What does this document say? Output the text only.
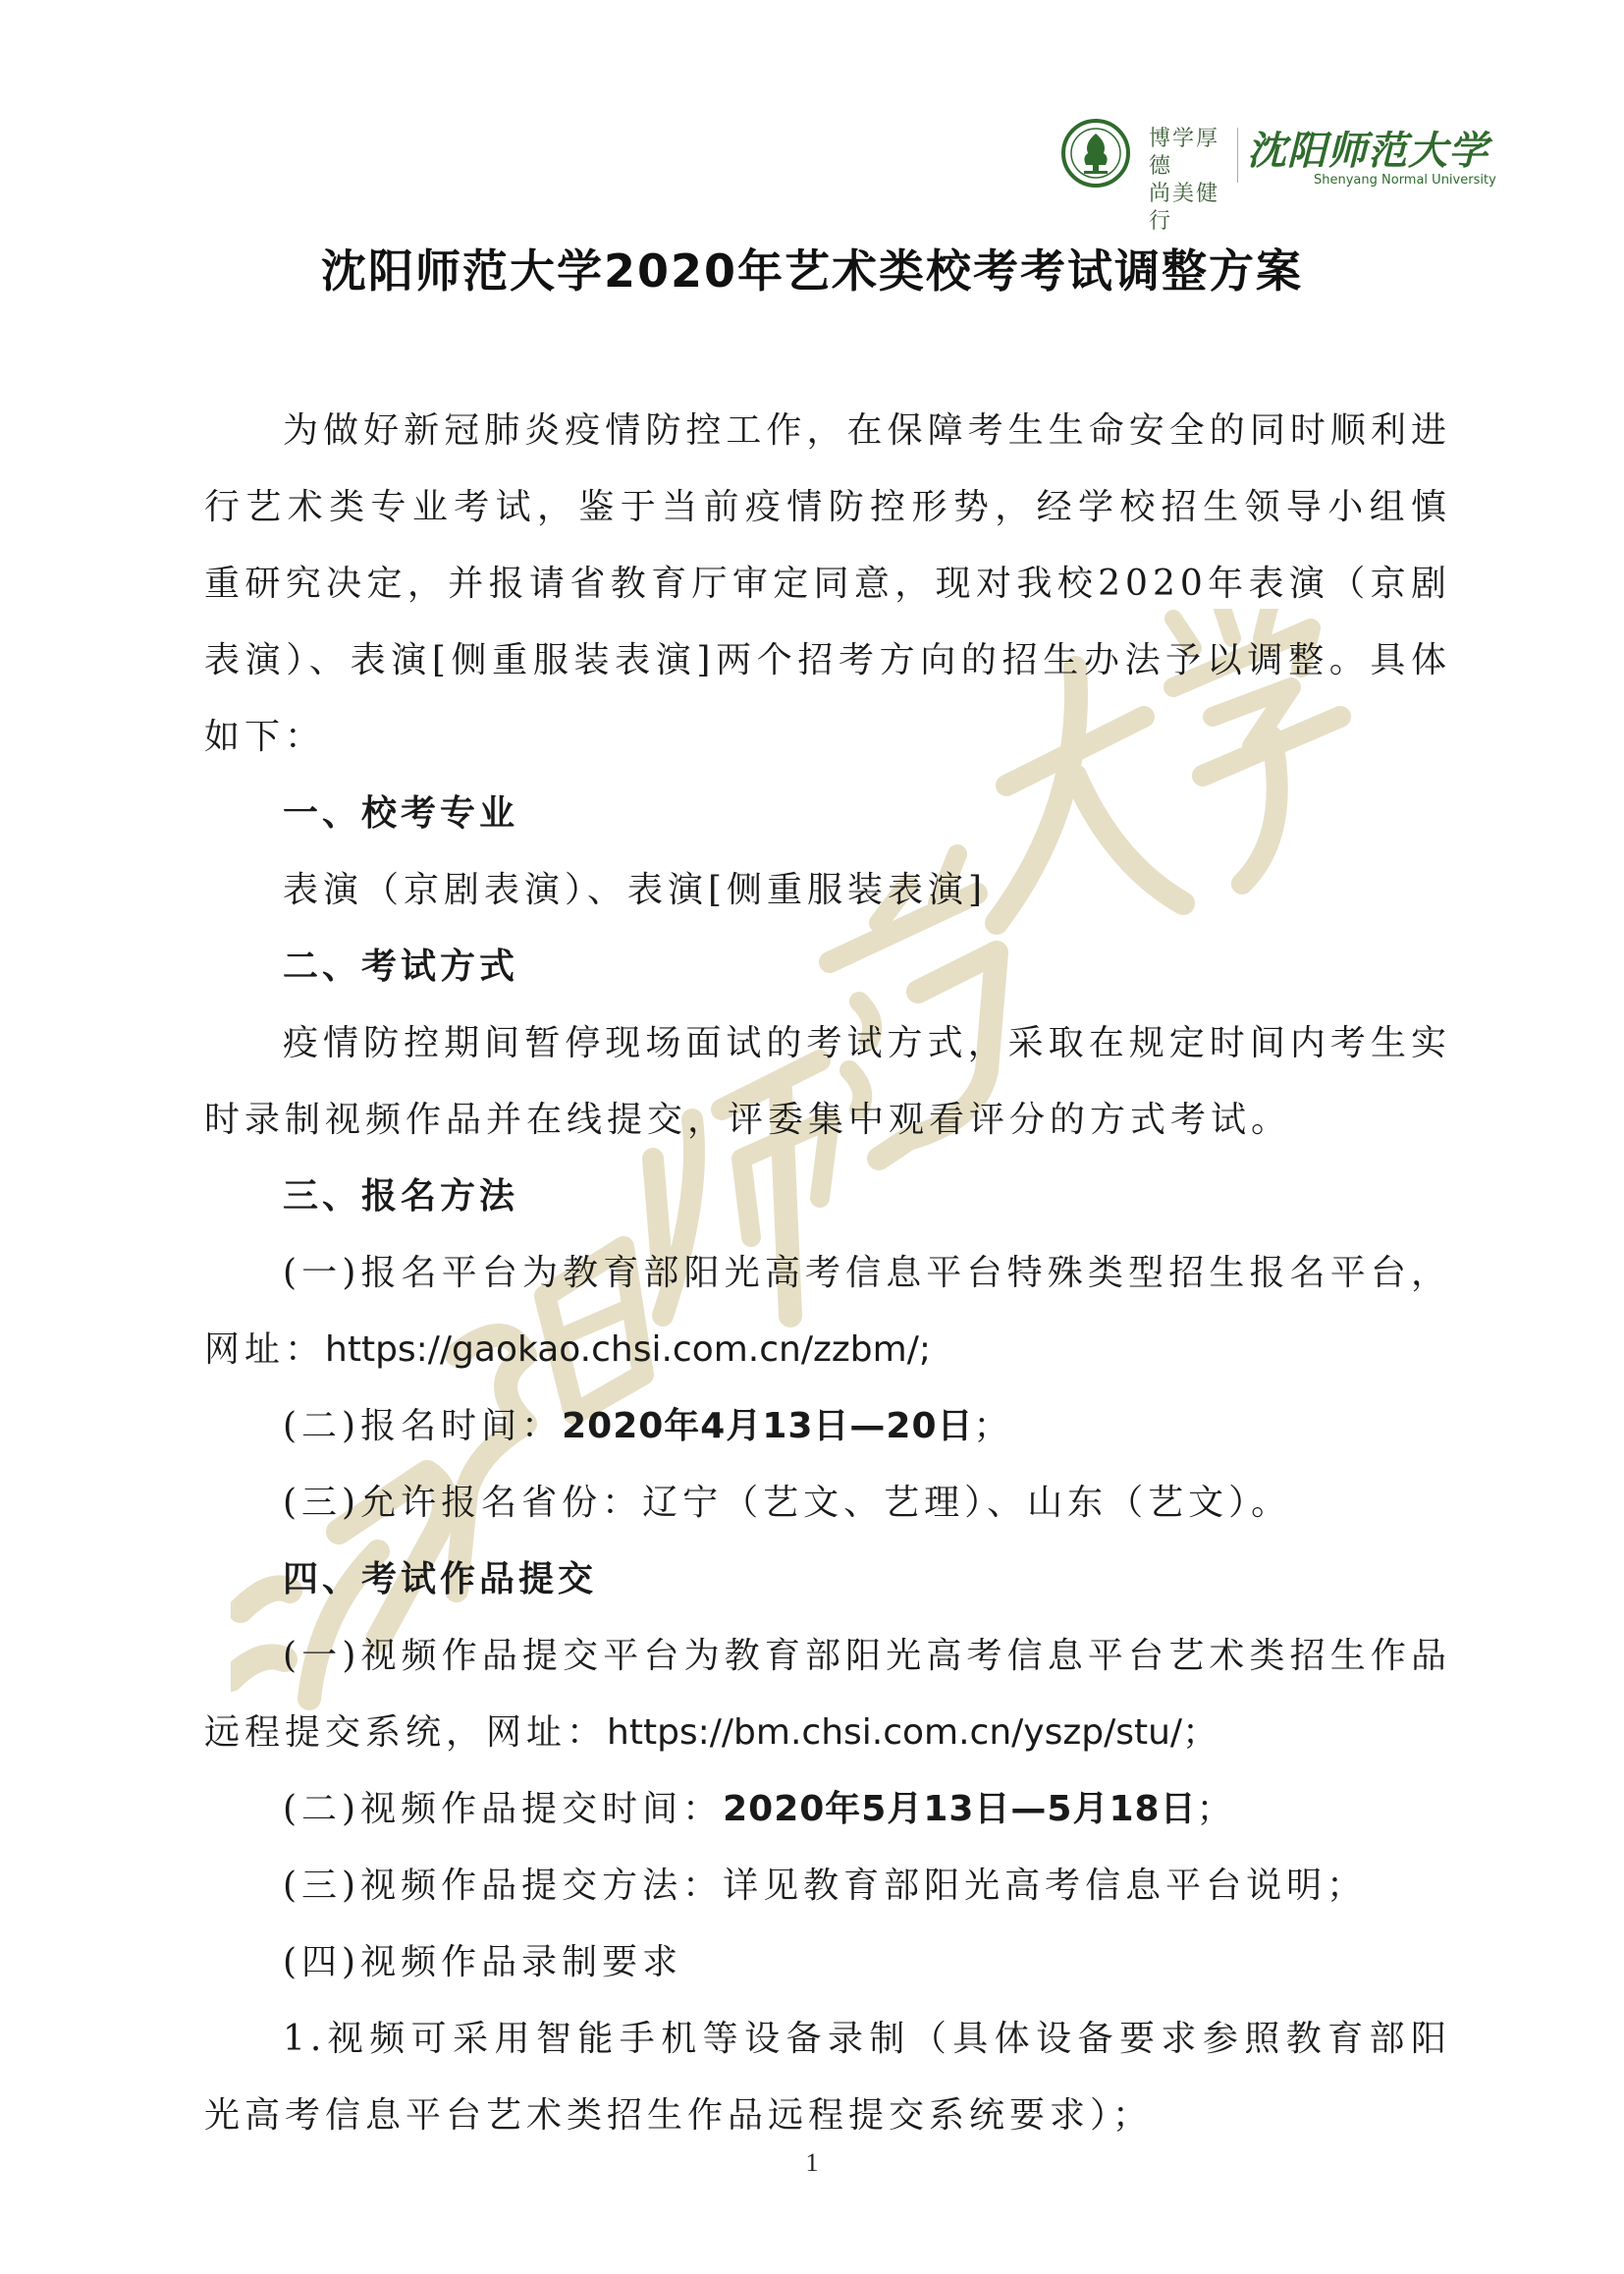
博学厚德
尚美健行
沈阳师范大学
Shenyang Normal University
沈阳师范大学2020年艺术类校考考试调整方案

为做好新冠肺炎疫情防控工作，在保障考生生命安全的同时顺利进行艺术类专业考试，鉴于当前疫情防控形势，经学校招生领导小组慎重研究决定，并报请省教育厅审定同意，现对我校2020年表演（京剧表演）、表演[侧重服装表演]两个招考方向的招生办法予以调整。具体如下：

一、校考专业

表演（京剧表演）、表演[侧重服装表演]

二、考试方式

疫情防控期间暂停现场面试的考试方式，采取在规定时间内考生实时录制视频作品并在线提交，评委集中观看评分的方式考试。

三、报名方法

(一)报名平台为教育部阳光高考信息平台特殊类型招生报名平台，网址：https://gaokao.chsi.com.cn/zzbm/;

(二)报名时间：2020年4月13日—20日；

(三)允许报名省份：辽宁（艺文、艺理）、山东（艺文）。

四、考试作品提交

(一)视频作品提交平台为教育部阳光高考信息平台艺术类招生作品远程提交系统，网址：https://bm.chsi.com.cn/yszp/stu/；

(二)视频作品提交时间：2020年5月13日—5月18日；

(三)视频作品提交方法：详见教育部阳光高考信息平台说明；

(四)视频作品录制要求

1.视频可采用智能手机等设备录制（具体设备要求参照教育部阳光高考信息平台艺术类招生作品远程提交系统要求）；

1
